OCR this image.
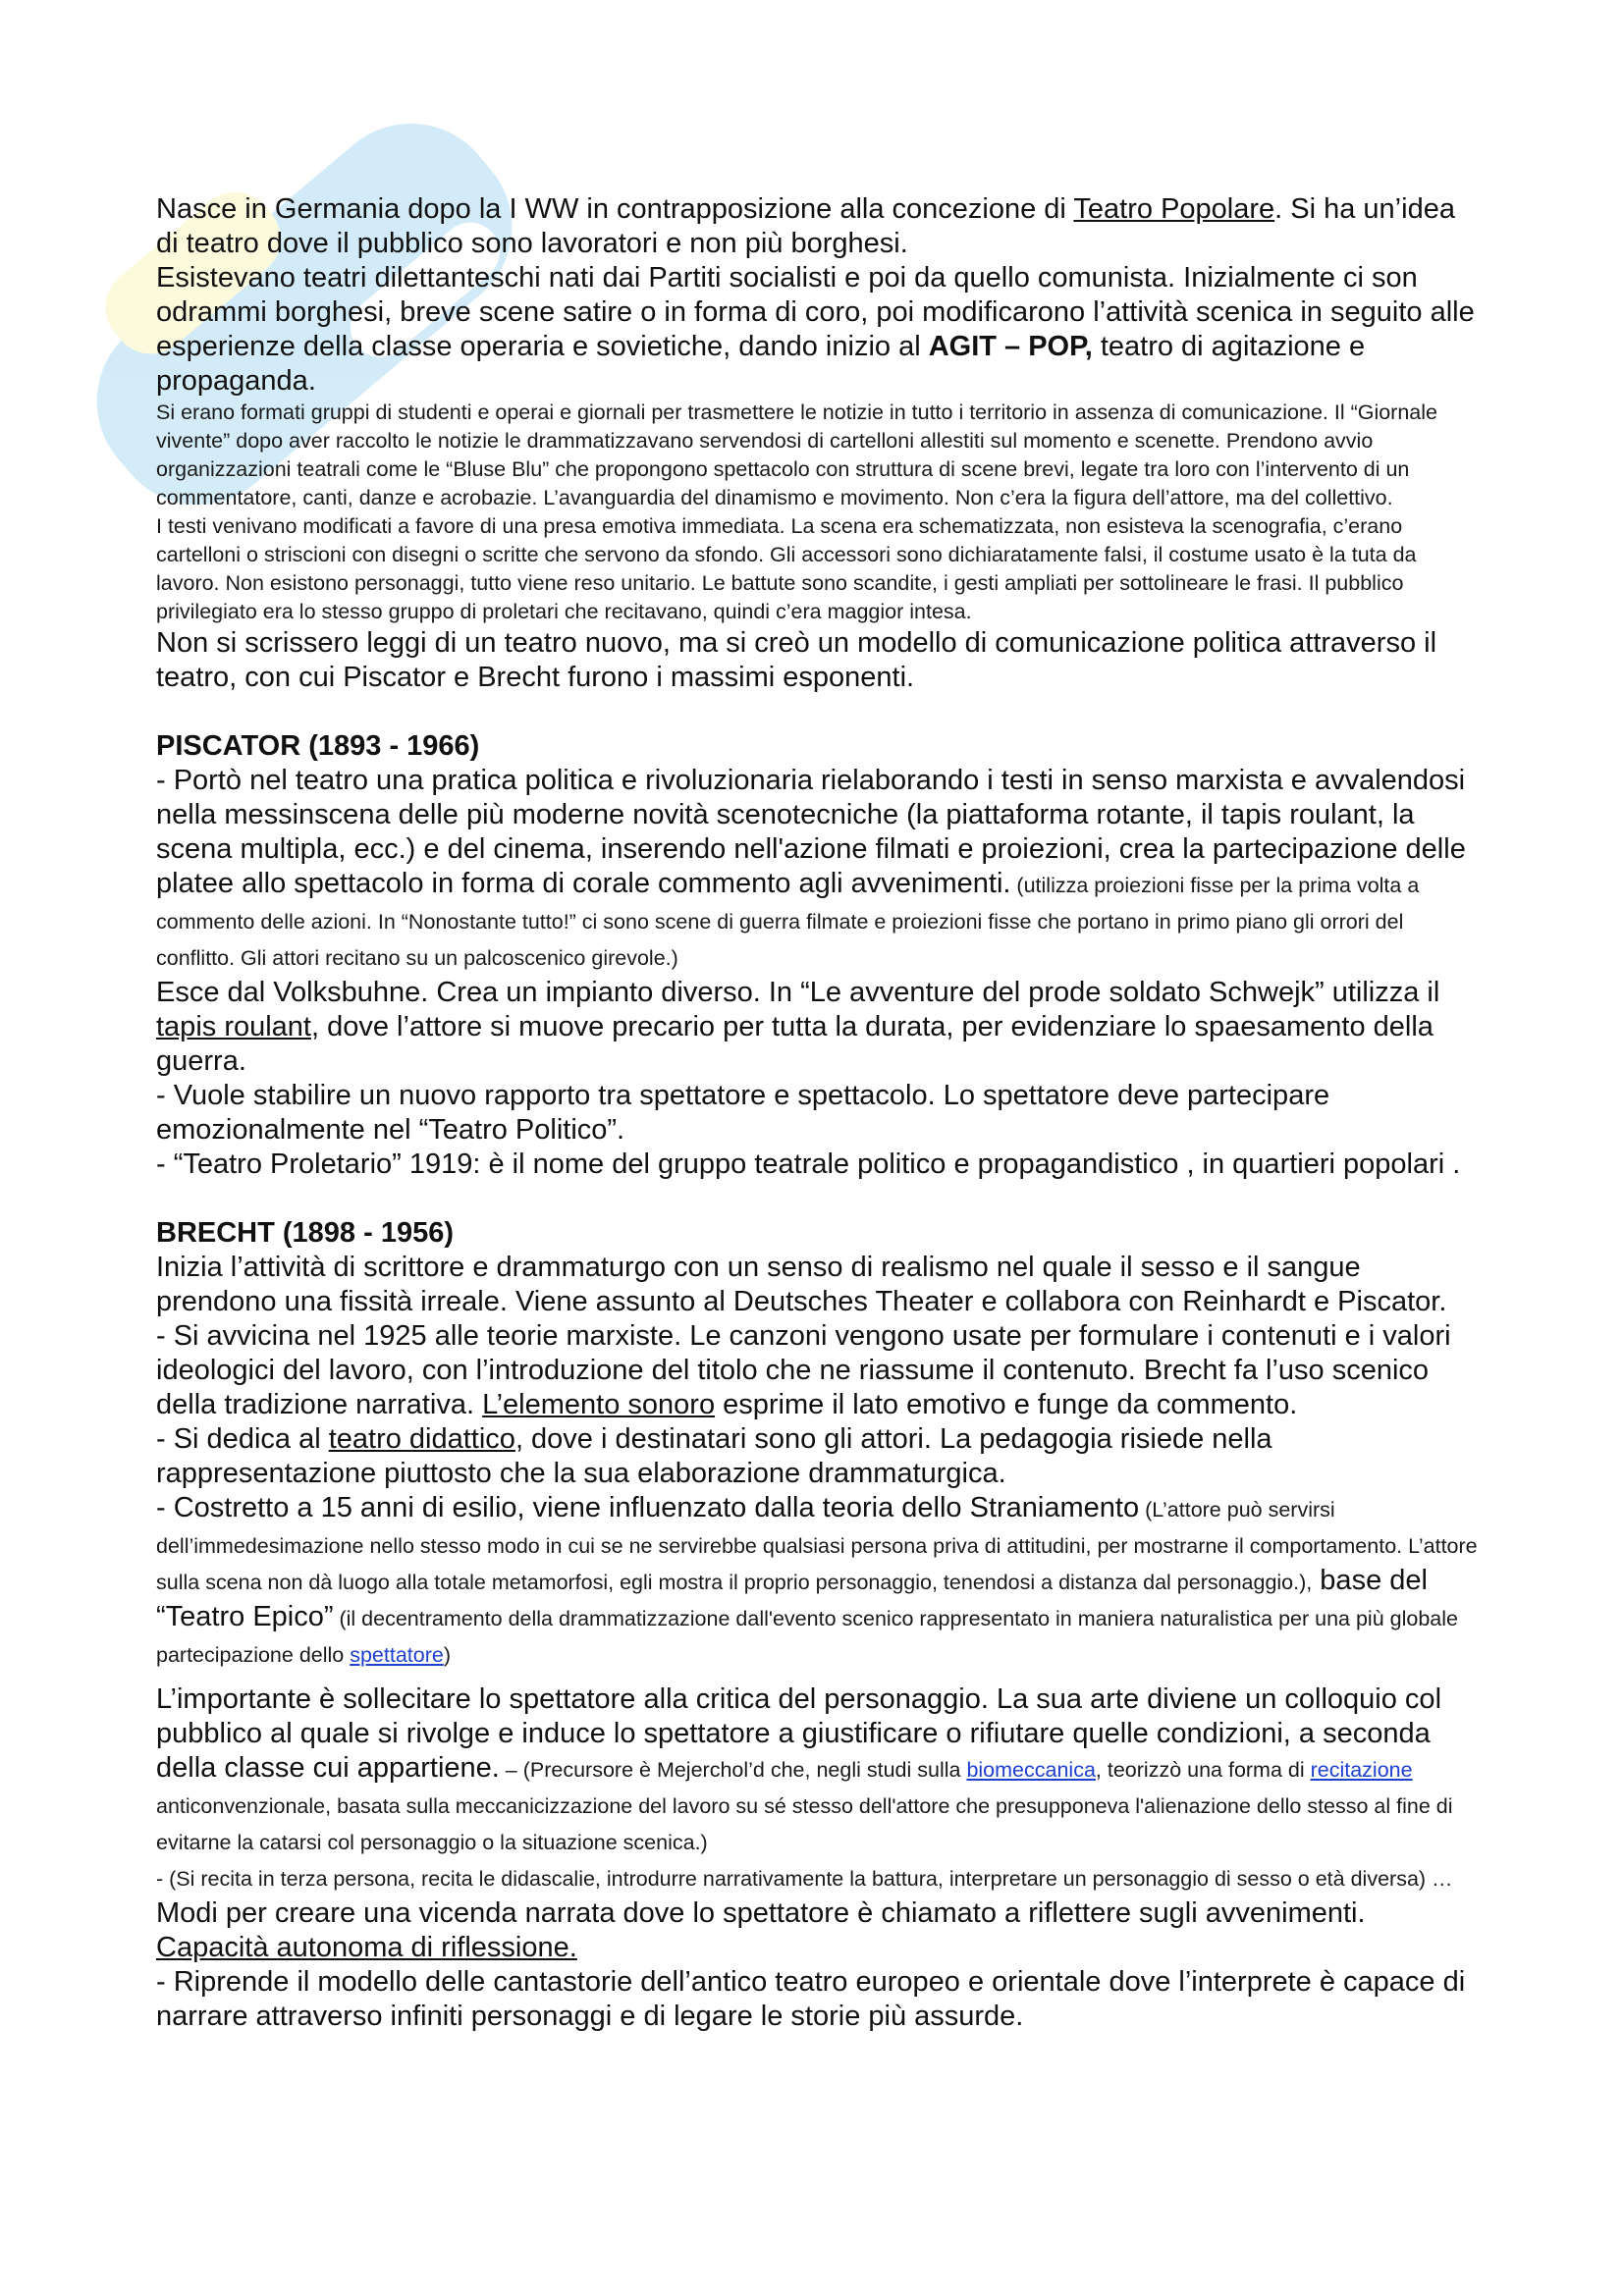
Nasce in Germania dopo la I WW in contrapposizione alla concezione di Teatro Popolare. Si ha un’idea di teatro dove il pubblico sono lavoratori e non più borghesi.

Esistevano teatri dilettanteschi nati dai Partiti socialisti e poi da quello comunista. Inizialmente ci son odrammi borghesi, breve scene satire o in forma di coro, poi modificarono l’attività scenica in seguito alle esperienze della classe operaria e sovietiche, dando inizio al AGIT – POP, teatro di agitazione e propaganda.

Si erano formati gruppi di studenti e operai e giornali per trasmettere le notizie in tutto i territorio in assenza di comunicazione. Il “Giornale vivente” dopo aver raccolto le notizie le drammatizzavano servendosi di cartelloni allestiti sul momento e scenette. Prendono avvio organizzazioni teatrali come le “Bluse Blu” che propongono spettacolo con struttura di scene brevi, legate tra loro con l’intervento di un commentatore, canti, danze e acrobazie. L’avanguardia del dinamismo e movimento. Non c’era la figura dell’attore, ma del collettivo.

I testi venivano modificati a favore di una presa emotiva immediata. La scena era schematizzata, non esisteva la scenografia, c’erano cartelloni o striscioni con disegni o scritte che servono da sfondo. Gli accessori sono dichiaratamente falsi, il costume usato è la tuta da lavoro. Non esistono personaggi, tutto viene reso unitario. Le battute sono scandite, i gesti ampliati per sottolineare le frasi. Il pubblico privilegiato era lo stesso gruppo di proletari che recitavano, quindi c’era maggior intesa.

Non si scrissero leggi di un teatro nuovo, ma si creò un modello di comunicazione politica attraverso il teatro, con cui Piscator e Brecht furono i massimi esponenti.

PISCATOR (1893 - 1966)

- Portò nel teatro una pratica politica e rivoluzionaria rielaborando i testi in senso marxista e avvalendosi nella messinscena delle più moderne novità scenotecniche (la piattaforma rotante, il tapis roulant, la scena multipla, ecc.) e del cinema, inserendo nell'azione filmati e proiezioni, crea la partecipazione delle platee allo spettacolo in forma di corale commento agli avvenimenti. (utilizza proiezioni fisse per la prima volta a commento delle azioni. In “Nonostante tutto!” ci sono scene di guerra filmate e proiezioni fisse che portano in primo piano gli orrori del conflitto. Gli attori recitano su un palcoscenico girevole.)

Esce dal Volksbuhne. Crea un impianto diverso. In “Le avventure del prode soldato Schwejk” utilizza il tapis roulant, dove l’attore si muove precario per tutta la durata, per evidenziare lo spaesamento della guerra.

- Vuole stabilire un nuovo rapporto tra spettatore e spettacolo. Lo spettatore deve partecipare emozionalmente nel “Teatro Politico”.

- “Teatro Proletario” 1919: è il nome del gruppo teatrale politico e propagandistico , in quartieri popolari .

BRECHT (1898 - 1956)

Inizia l’attività di scrittore e drammaturgo con un senso di realismo nel quale il sesso e il sangue prendono una fissità irreale. Viene assunto al Deutsches Theater e collabora con Reinhardt e Piscator.

- Si avvicina nel 1925 alle teorie marxiste. Le canzoni vengono usate per formulare i contenuti e i valori ideologici del lavoro, con l’introduzione del titolo che ne riassume il contenuto. Brecht fa l’uso scenico della tradizione narrativa. L’elemento sonoro esprime il lato emotivo e funge da commento.

- Si dedica al teatro didattico, dove i destinatari sono gli attori. La pedagogia risiede nella rappresentazione piuttosto che la sua elaborazione drammaturgica.

- Costretto a 15 anni di esilio, viene influenzato dalla teoria dello Straniamento (L’attore può servirsi dell’immedesimazione nello stesso modo in cui se ne servirebbe qualsiasi persona priva di attitudini, per mostrarne il comportamento. L’attore sulla scena non dà luogo alla totale metamorfosi, egli mostra il proprio personaggio, tenendosi a distanza dal personaggio.), base del “Teatro Epico” (il decentramento della drammatizzazione dall'evento scenico rappresentato in maniera naturalistica per una più globale partecipazione dello spettatore)

L’importante è sollecitare lo spettatore alla critica del personaggio. La sua arte diviene un colloquio col pubblico al quale si rivolge e induce lo spettatore a giustificare o rifiutare quelle condizioni, a seconda della classe cui appartiene. – (Precursore è Mejerchol’d che, negli studi sulla biomeccanica, teorizzò una forma di recitazione anticonvenzionale, basata sulla meccanicizzazione del lavoro su sé stesso dell'attore che presupponeva l'alienazione dello stesso al fine di evitarne la catarsi col personaggio o la situazione scenica.)
- (Si recita in terza persona, recita le didascalie, introdurre narrativamente la battura, interpretare un personaggio di sesso o età diversa) … Modi per creare una vicenda narrata dove lo spettatore è chiamato a riflettere sugli avvenimenti. Capacità autonoma di riflessione.

- Riprende il modello delle cantastorie dell’antico teatro europeo e orientale dove l’interprete è capace di narrare attraverso infiniti personaggi e di legare le storie più assurde.
